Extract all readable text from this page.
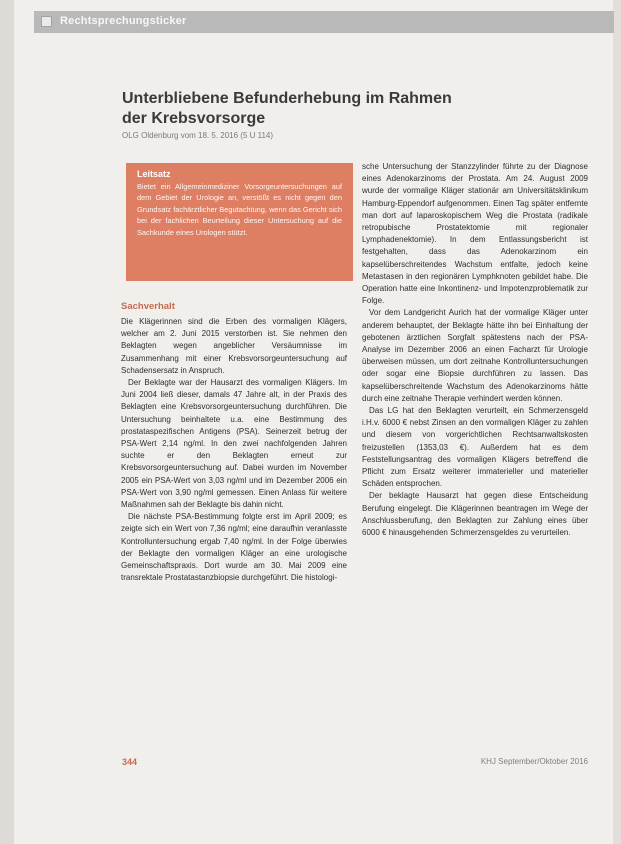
Rechtsprechungsticker
Unterbliebene Befunderhebung im Rahmen
der Krebsvorsorge
OLG Oldenburg vom 18. 5. 2016 (5 U 114)
Leitsatz
Bietet ein Allgemeinmediziner Vorsorgeuntersuchungen auf dem Gebiet der Urologie an, verstößt es nicht gegen den Grundsatz fachärztlicher Begutachtung, wenn das Gericht sich bei der fachlichen Beurteilung dieser Untersuchung auf die Sachkunde eines Urologen stützt.
Sachverhalt

Die Klägerinnen sind die Erben des vormaligen Klägers, welcher am 2. Juni 2015 verstorben ist. Sie nehmen den Beklagten wegen angeblicher Versäumnisse im Zusammenhang mit einer Krebsvorsorgeuntersuchung auf Schadensersatz in Anspruch.

Der Beklagte war der Hausarzt des vormaligen Klägers. Im Juni 2004 ließ dieser, damals 47 Jahre alt, in der Praxis des Beklagten eine Krebsvorsorgeuntersuchung durchführen. Die Untersuchung beinhaltete u.a. eine Bestimmung des prostataspezifischen Antigens (PSA). Seinerzeit betrug der PSA-Wert 2,14 ng/ml. In den zwei nachfolgenden Jahren suchte er den Beklagten erneut zur Krebsvorsorgeuntersuchung auf. Dabei wurden im November 2005 ein PSA-Wert von 3,03 ng/ml und im Dezember 2006 ein PSA-Wert von 3,90 ng/ml gemessen. Einen Anlass für weitere Maßnahmen sah der Beklagte bis dahin nicht.

Die nächste PSA-Bestimmung folgte erst im April 2009; es zeigte sich ein Wert von 7,36 ng/ml; eine daraufhin veranlasste Kontrolluntersuchung ergab 7,40 ng/ml. In der Folge überwies der Beklagte den vormaligen Kläger an eine urologische Gemeinschaftspraxis. Dort wurde am 30. Mai 2009 eine transrektale Prostatastanzbiopsie durchgeführt. Die histologi-

sche Untersuchung der Stanzzylinder führte zu der Diagnose eines Adenokarzinoms der Prostata. Am 24. August 2009 wurde der vormalige Kläger stationär am Universitätsklinikum Hamburg-Eppendorf aufgenommen. Einen Tag später entfernte man dort auf laparoskopischem Weg die Prostata (radikale retropubische Prostatektomie mit regionaler Lymphadenektomie). In dem Entlassungsbericht ist festgehalten, dass das Adenokarzinom ein kapselüberschreitendes Wachstum entfalte, jedoch keine Metastasen in den regionären Lymphknoten gebildet habe. Die Operation hatte eine Inkontinenz- und Impotenzproblematik zur Folge.

Vor dem Landgericht Aurich hat der vormalige Kläger unter anderem behauptet, der Beklagte hätte ihn bei Einhaltung der gebotenen ärztlichen Sorgfalt spätestens nach der PSA-Analyse im Dezember 2006 an einen Facharzt für Urologie überweisen müssen, um dort zeitnahe Kontrolluntersuchungen oder sogar eine Biopsie durchführen zu lassen. Das kapselüberschreitende Wachstum des Adenokarzinoms hätte durch eine zeitnahe Therapie verhindert werden können.

Das LG hat den Beklagten verurteilt, ein Schmerzensgeld i.H.v. 6000 € nebst Zinsen an den vormaligen Kläger zu zahlen und diesem von vorgerichtlichen Rechtsanwaltskosten freizustellen (1353,03 €). Außerdem hat es dem Feststellungsantrag des vormaligen Klägers betreffend die Pflicht zum Ersatz weiterer immaterieller und materieller Schäden entsprochen.

Der beklagte Hausarzt hat gegen diese Entscheidung Berufung eingelegt. Die Klägerinnen beantragen im Wege der Anschlussberufung, den Beklagten zur Zahlung eines über 6000 € hinausgehenden Schmerzensgeldes zu verurteilen.

344	KHJ September/Oktober 2016
